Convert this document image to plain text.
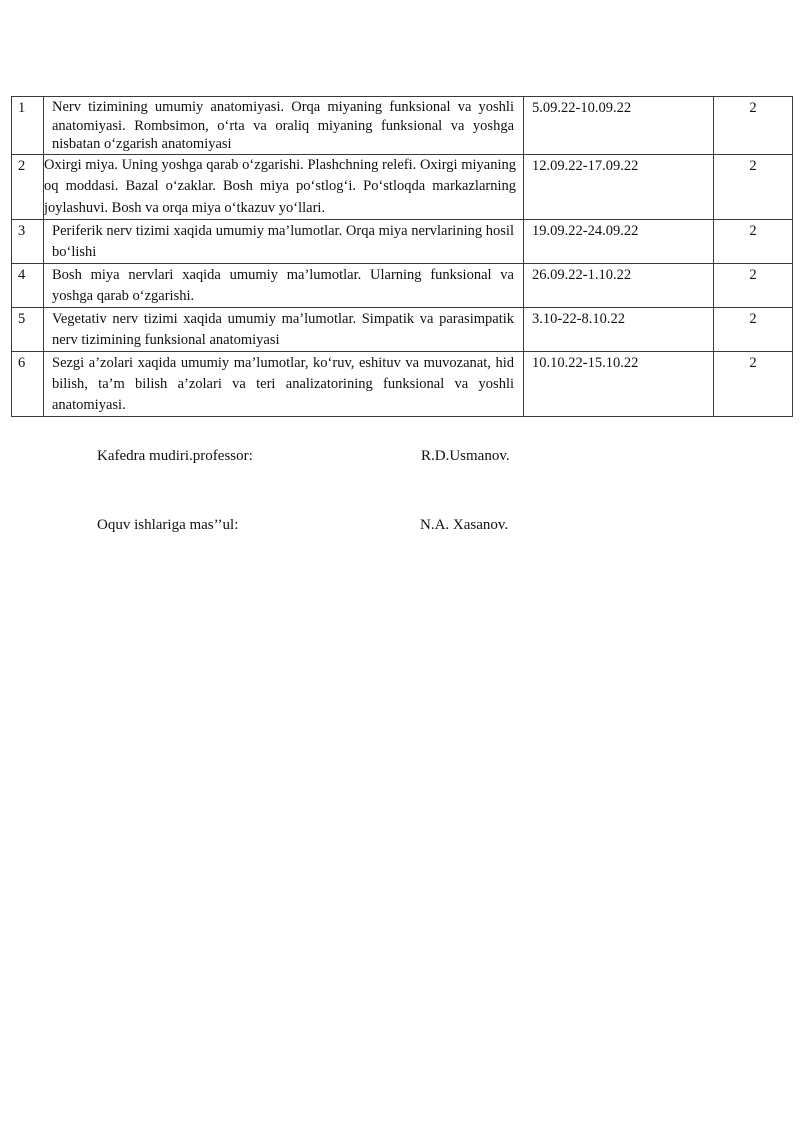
1	Nerv tizimining umumiy anatomiyasi. Orqa miyaning funksional va yoshli anatomiyasi. Rombsimon, o‘rta va oraliq miyaning funksional va yoshga nisbatan o‘zgarish anatomiyasi	5.09.22-10.09.22	2
2	Oxirgi miya. Uning yoshga qarab o‘zgarishi. Plashchning relefi. Oxirgi miyaning oq moddasi. Bazal o‘zaklar. Bosh miya po‘stlog‘i. Po‘stloqda markazlarning joylashuvi. Bosh va orqa miya o‘tkazuv yo‘llari.	12.09.22-17.09.22	2
3	Periferik nerv tizimi xaqida umumiy ma’lumotlar. Orqa miya nervlarining hosil bo‘lishi	19.09.22-24.09.22	2
4	Bosh miya nervlari xaqida umumiy ma’lumotlar. Ularning funksional va yoshga qarab o‘zgarishi.	26.09.22-1.10.22	2
5	Vegetativ nerv tizimi xaqida umumiy ma’lumotlar. Simpatik va parasimpatik nerv tizimining funksional anatomiyasi	3.10-22-8.10.22	2
6	Sezgi a’zolari xaqida umumiy ma’lumotlar, ko‘ruv, eshituv va muvozanat, hid bilish, ta’m bilish a’zolari va teri analizatorining funksional va yoshli anatomiyasi.	10.10.22-15.10.22	2
Kafedra mudiri.professor:	R.D.Usmanov.
Oquv ishlariga mas’’ul:	N.A. Xasanov.
